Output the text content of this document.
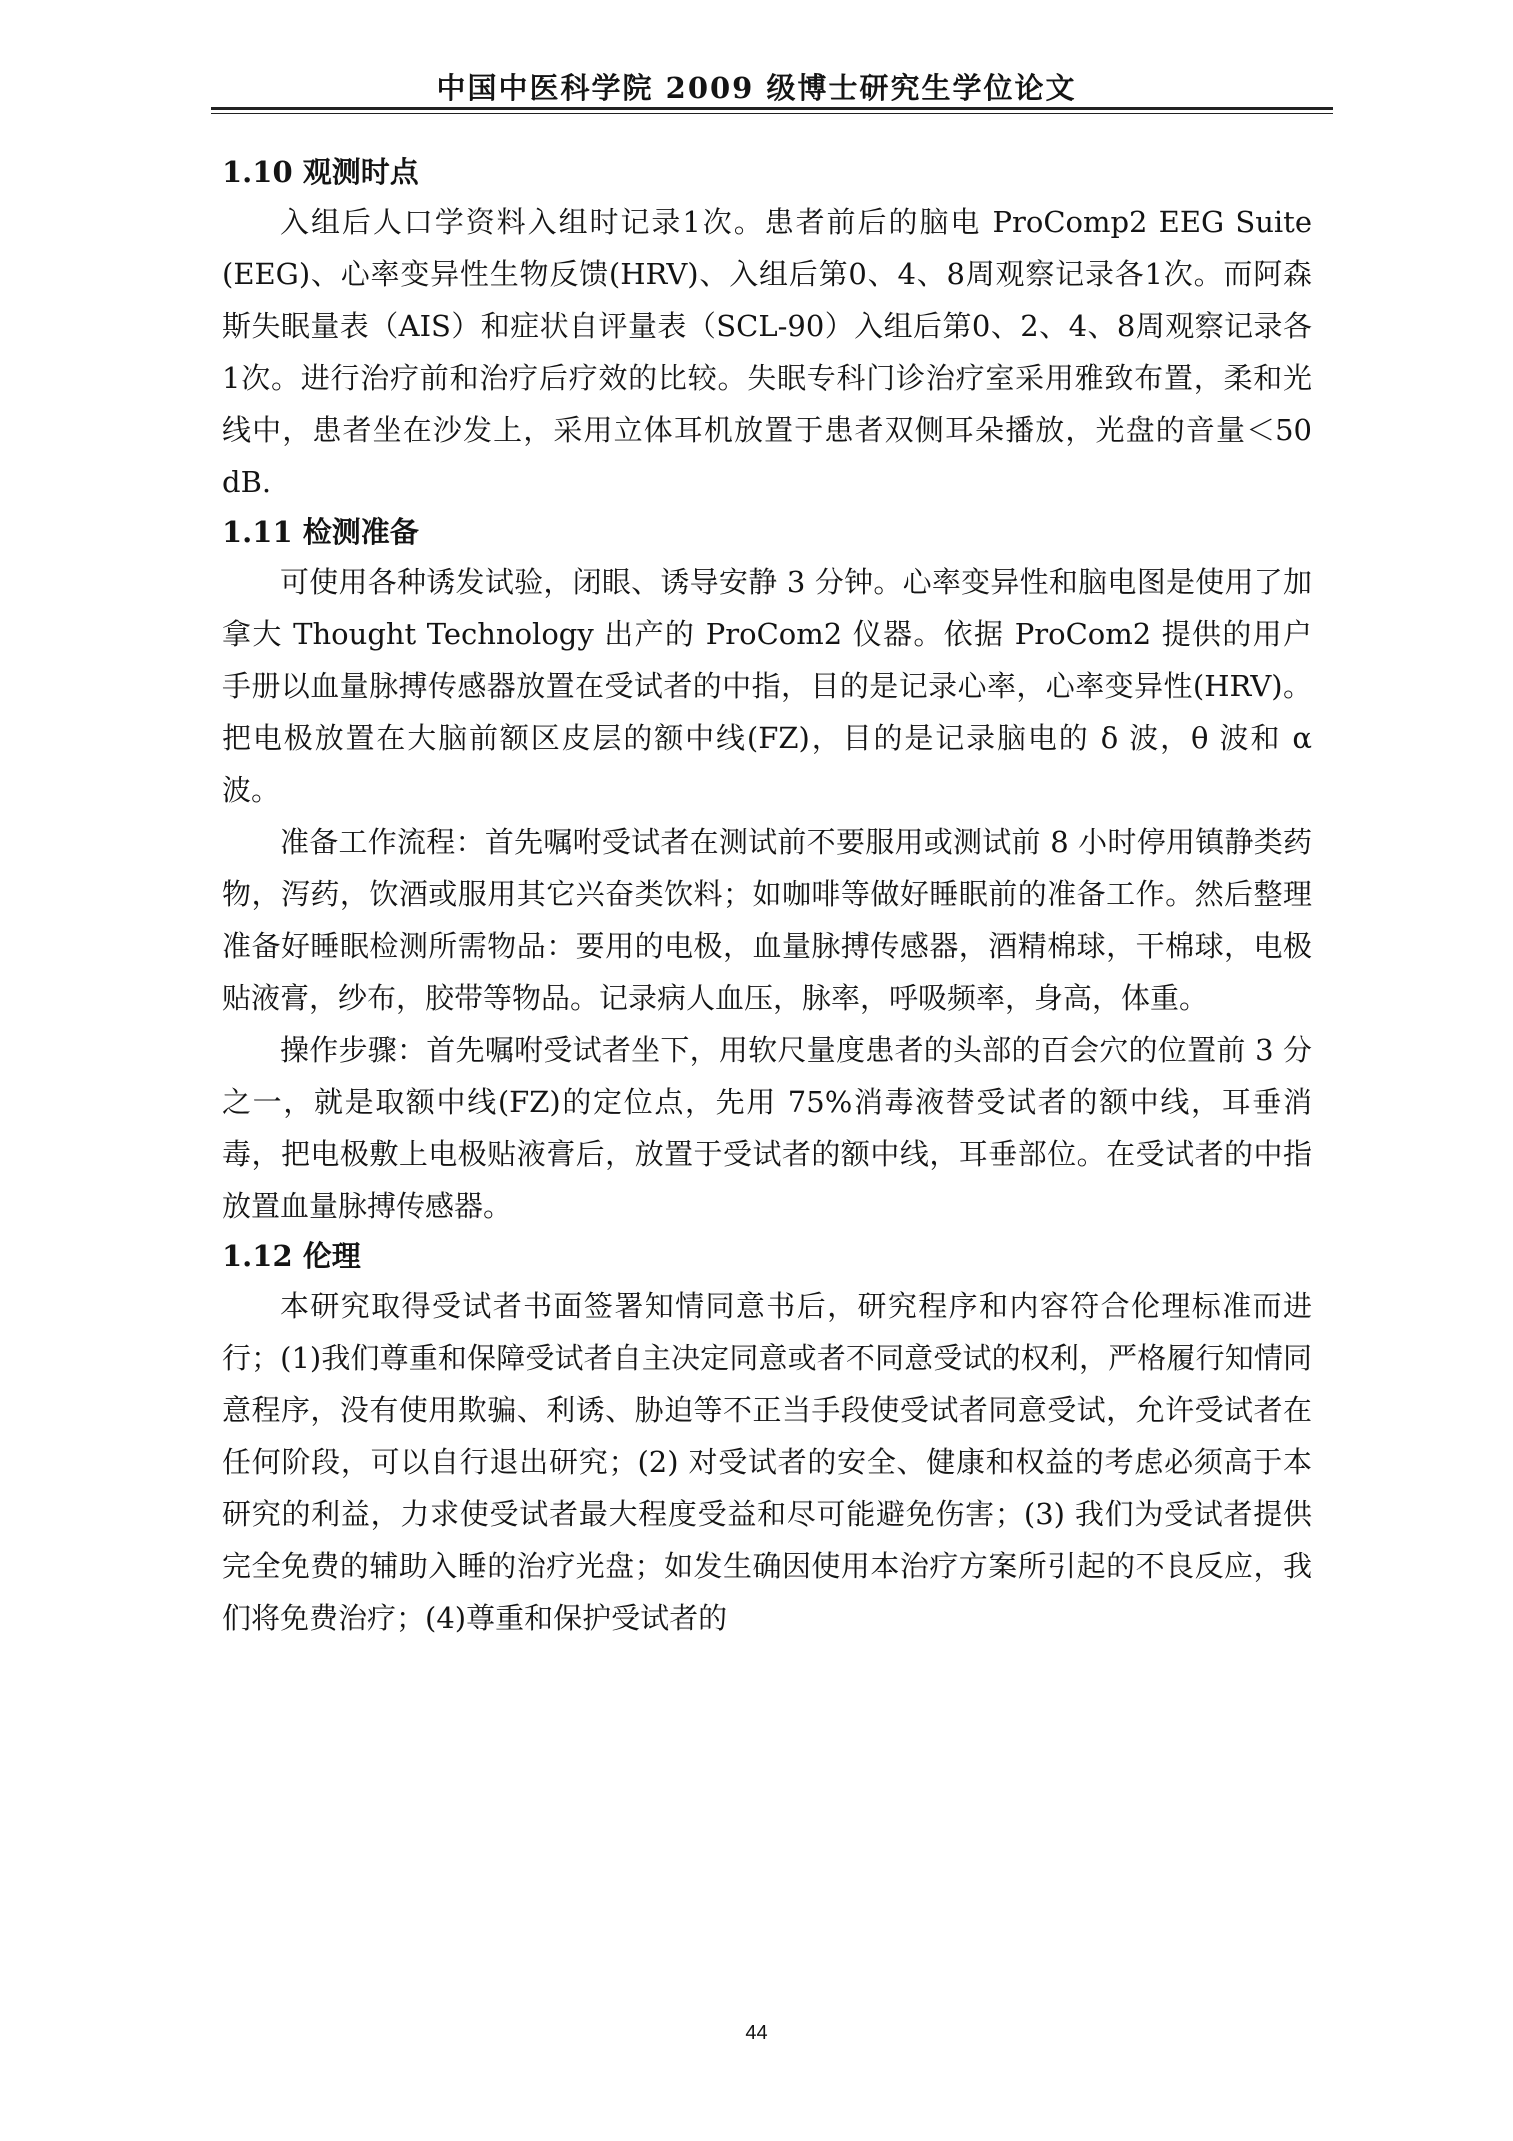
中国中医科学院 2009 级博士研究生学位论文
1.10 观测时点

入组后人口学资料入组时记录1次。患者前后的脑电 ProComp2 EEG Suite (EEG)、心率变异性生物反馈(HRV)、入组后第0、4、8周观察记录各1次。而阿森斯失眠量表（AIS）和症状自评量表（SCL-90）入组后第0、2、4、8周观察记录各1次。进行治疗前和治疗后疗效的比较。失眠专科门诊治疗室采用雅致布置，柔和光线中，患者坐在沙发上，采用立体耳机放置于患者双侧耳朵播放，光盘的音量＜50 dB.

1.11 检测准备

可使用各种诱发试验，闭眼、诱导安静 3 分钟。心率变异性和脑电图是使用了加拿大 Thought Technology 出产的 ProCom2 仪器。依据 ProCom2 提供的用户手册以血量脉搏传感器放置在受试者的中指，目的是记录心率，心率变异性(HRV)。把电极放置在大脑前额区皮层的额中线(FZ)，目的是记录脑电的 δ 波，θ 波和 α 波。

准备工作流程：首先嘱咐受试者在测试前不要服用或测试前 8 小时停用镇静类药物，泻药，饮酒或服用其它兴奋类饮料；如咖啡等做好睡眠前的准备工作。然后整理准备好睡眠检测所需物品：要用的电极，血量脉搏传感器，酒精棉球，干棉球，电极贴液膏，纱布，胶带等物品。记录病人血压，脉率，呼吸频率，身高，体重。

操作步骤：首先嘱咐受试者坐下，用软尺量度患者的头部的百会穴的位置前 3 分之一，就是取额中线(FZ)的定位点，先用 75%消毒液替受试者的额中线，耳垂消毒，把电极敷上电极贴液膏后，放置于受试者的额中线，耳垂部位。在受试者的中指放置血量脉搏传感器。

1.12 伦理

本研究取得受试者书面签署知情同意书后，研究程序和内容符合伦理标准而进行；(1)我们尊重和保障受试者自主决定同意或者不同意受试的权利，严格履行知情同意程序，没有使用欺骗、利诱、胁迫等不正当手段使受试者同意受试，允许受试者在任何阶段，可以自行退出研究；(2) 对受试者的安全、健康和权益的考虑必须高于本研究的利益，力求使受试者最大程度受益和尽可能避免伤害；(3) 我们为受试者提供完全免费的辅助入睡的治疗光盘；如发生确因使用本治疗方案所引起的不良反应，我们将免费治疗；(4)尊重和保护受试者的

44
